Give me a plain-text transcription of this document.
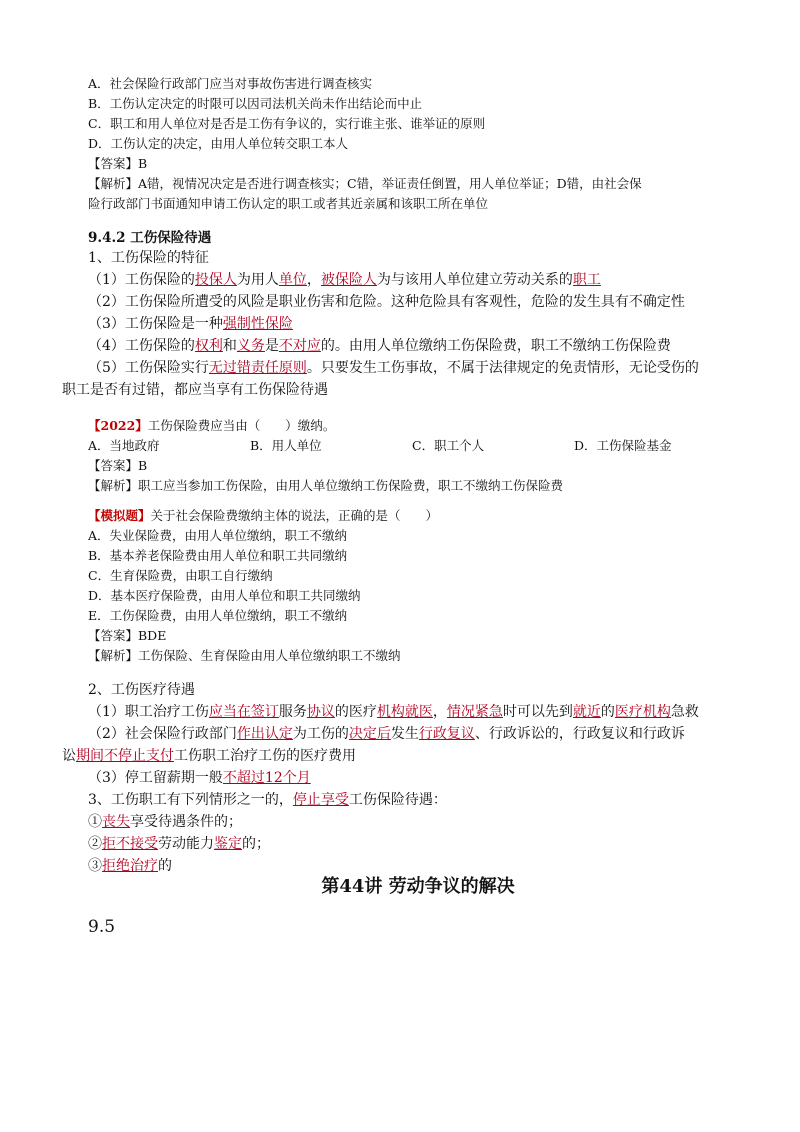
A．社会保险行政部门应当对事故伤害进行调查核实
B．工伤认定决定的时限可以因司法机关尚未作出结论而中止
C．职工和用人单位对是否是工伤有争议的，实行谁主张、谁举证的原则
D．工伤认定的决定，由用人单位转交职工本人
【答案】B
【解析】A错，视情况决定是否进行调查核实；C错，举证责任倒置，用人单位举证；D错，由社会保
险行政部门书面通知申请工伤认定的职工或者其近亲属和该职工所在单位
9.4.2 工伤保险待遇
1、工伤保险的特征
（1）工伤保险的投保人为用人单位，被保险人为与该用人单位建立劳动关系的职工
（2）工伤保险所遭受的风险是职业伤害和危险。这种危险具有客观性，危险的发生具有不确定性
（3）工伤保险是一种强制性保险
（4）工伤保险的权利和义务是不对应的。由用人单位缴纳工伤保险费，职工不缴纳工伤保险费
（5）工伤保险实行无过错责任原则。只要发生工伤事故，不属于法律规定的免责情形，无论受伤的
职工是否有过错，都应当享有工伤保险待遇
【2022】工伤保险费应当由（　　）缴纳。
A．当地政府	B．用人单位	C．职工个人	D．工伤保险基金
【答案】B
【解析】职工应当参加工伤保险，由用人单位缴纳工伤保险费，职工不缴纳工伤保险费
【模拟题】关于社会保险费缴纳主体的说法，正确的是（　　）
A．失业保险费，由用人单位缴纳，职工不缴纳
B．基本养老保险费由用人单位和职工共同缴纳
C．生育保险费，由职工自行缴纳
D．基本医疗保险费，由用人单位和职工共同缴纳
E．工伤保险费，由用人单位缴纳，职工不缴纳
【答案】BDE
【解析】工伤保险、生育保险由用人单位缴纳职工不缴纳
2、工伤医疗待遇
（1）职工治疗工伤应当在签订服务协议的医疗机构就医，情况紧急时可以先到就近的医疗机构急救
（2）社会保险行政部门作出认定为工伤的决定后发生行政复议、行政诉讼的，行政复议和行政诉
讼期间不停止支付工伤职工治疗工伤的医疗费用
（3）停工留薪期一般不超过12个月
3、工伤职工有下列情形之一的，停止享受工伤保险待遇：
①丧失享受待遇条件的；
②拒不接受劳动能力鉴定的；
③拒绝治疗的
第44讲 劳动争议的解决
9.5
